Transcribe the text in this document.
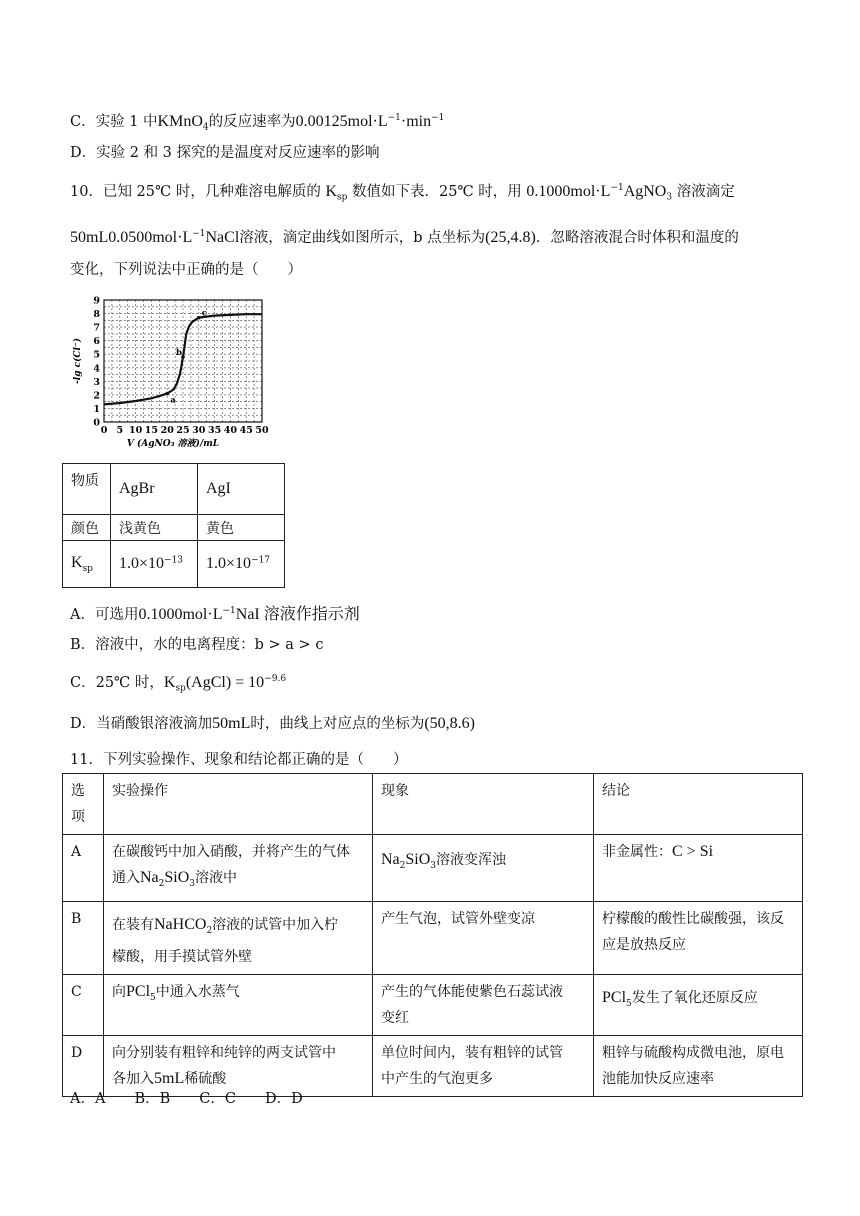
C．实验 1 中KMnO$_4$的反应速率为$0.00125mol\cdot L^{-1}\cdot\min^{-1}$
D．实验 2 和 3 探究的是温度对反应速率的影响
10．已知 25℃ 时，几种难溶电解质的 $K_{sp}$ 数值如下表．25℃ 时，用 $0.1000mol\cdot L^{-1}AgNO_3$ 溶液滴定
$50mL0.0500mol\cdot L^{-1}NaCl$溶液，滴定曲线如图所示，b 点坐标为(25,4.8)．忽略溶液混合时体积和温度的
变化，下列说法中正确的是（　　）
0 5 10 15 20 25 30 35 40 45 50
0
1
2
3
4
5
6
7
8
9
a
b
c
-lg c(Cl⁻)
V (AgNO₃ 溶液)/mL
物质	AgBr	AgI
颜色	浅黄色	黄色
$K_{sp}$	$1.0\times 10^{-13}$	$1.0\times 10^{-17}$
A．可选用$0.1000mol\cdot L^{-1}NaI$ 溶液作指示剂
B．溶液中，水的电离程度：b > a > c
C．25℃ 时，$K_{sp}(AgCl) = 10^{-9.6}$
D．当硝酸银溶液滴加50mL时，曲线上对应点的坐标为(50,8.6)
11．下列实验操作、现象和结论都正确的是（　　）
选
项	实验操作	现象	结论
A	在碳酸钙中加入硝酸，并将产生的气体
通入$Na_2SiO_3$溶液中	$Na_2SiO_3$溶液变浑浊	非金属性：C > Si
B	在装有NaHCO$_2$溶液的试管中加入柠
檬酸，用手摸试管外壁	产生气泡，试管外壁变凉	柠檬酸的酸性比碳酸强，该反
应是放热反应
C	向PCl$_5$中通入水蒸气	产生的气体能使紫色石蕊试液
变红	PCl$_5$发生了氧化还原反应
D	向分别装有粗锌和纯锌的两支试管中
各加入5mL稀硫酸	单位时间内，装有粗锌的试管
中产生的气泡更多	粗锌与硫酸构成微电池，原电
池能加快反应速率
A．A　　B．B　　C．C　　D．D
